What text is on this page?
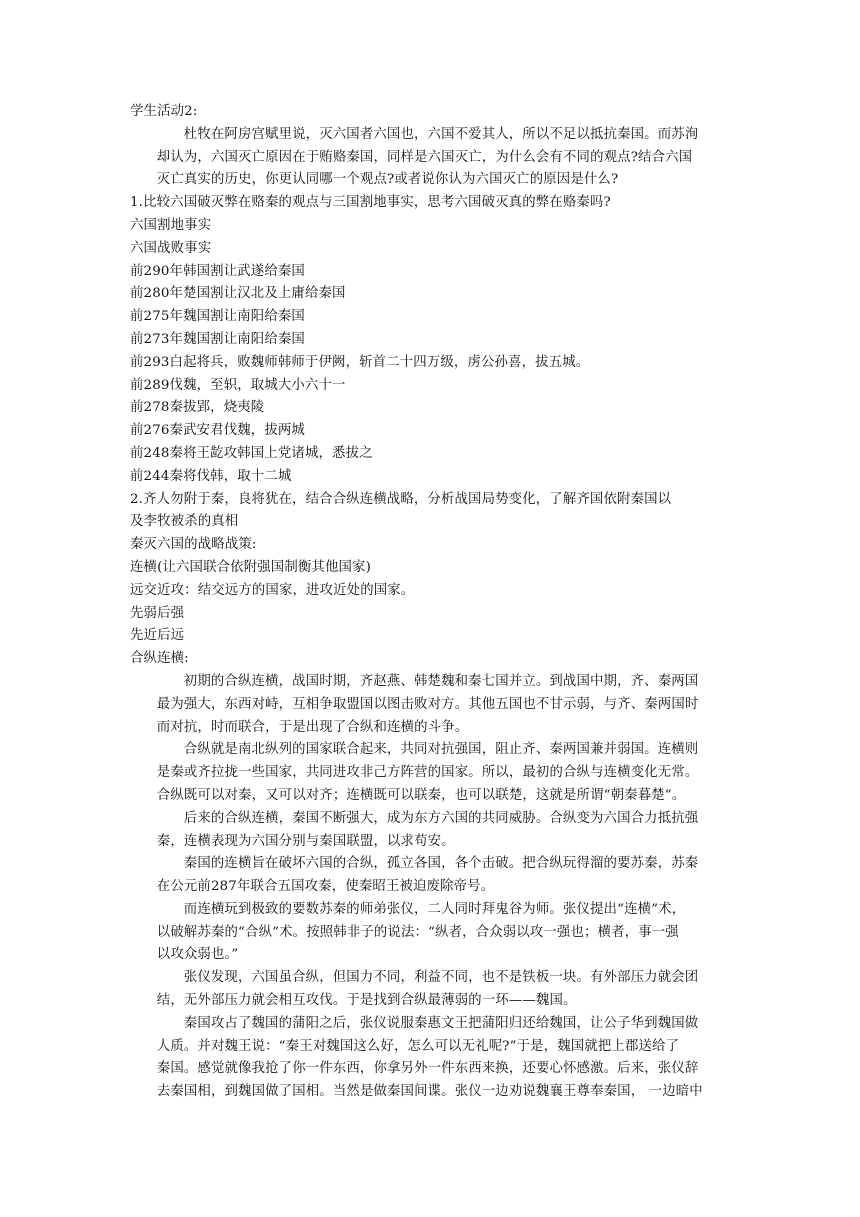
学生活动2:

杜牧在阿房宫赋里说，灭六国者六国也，六国不爱其人，所以不足以抵抗秦国。而苏洵
却认为，六国灭亡原因在于贿赂秦国，同样是六国灭亡，为什么会有不同的观点?结合六国
灭亡真实的历史，你更认同哪一个观点?或者说你认为六国灭亡的原因是什么?

1.比较六国破灭弊在赂秦的观点与三国割地事实，思考六国破灭真的弊在赂秦吗?

六国割地事实

六国战败事实

前290年韩国割让武遂给秦国

前280年楚国割让汉北及上庸给秦国

前275年魏国割让南阳给秦国

前273年魏国割让南阳给秦国

前293白起将兵，败魏师韩师于伊阙，斩首二十四万级，虏公孙喜，拔五城。

前289伐魏，至轵，取城大小六十一

前278秦拔郢，烧夷陵

前276秦武安君伐魏，拔两城

前248秦将王龁攻韩国上党诸城，悉拔之

前244秦将伐韩，取十二城

2.齐人勿附于秦，良将犹在，结合合纵连横战略，分析战国局势变化，了解齐国依附秦国以

及李牧被杀的真相

秦灭六国的战略战策:

连横(让六国联合依附强国制衡其他国家)

远交近攻：结交远方的国家，进攻近处的国家。

先弱后强

先近后远

合纵连横:

初期的合纵连横，战国时期，齐赵燕、韩楚魏和秦七国并立。到战国中期，齐、秦两国
最为强大，东西对峙，互相争取盟国以图击败对方。其他五国也不甘示弱，与齐、秦两国时
而对抗，时而联合，于是出现了合纵和连横的斗争。
合纵就是南北纵列的国家联合起来，共同对抗强国，阻止齐、秦两国兼并弱国。连横则
是秦或齐拉拢一些国家，共同进攻非己方阵营的国家。所以，最初的合纵与连横变化无常。
合纵既可以对秦，又可以对齐；连横既可以联秦，也可以联楚，这就是所谓“朝秦暮楚”。
后来的合纵连横，秦国不断强大，成为东方六国的共同威胁。合纵变为六国合力抵抗强
秦，连横表现为六国分别与秦国联盟，以求苟安。
秦国的连横旨在破坏六国的合纵，孤立各国，各个击破。把合纵玩得溜的要苏秦，苏秦
在公元前287年联合五国攻秦，使秦昭王被迫废除帝号。
而连横玩到极致的要数苏秦的师弟张仪，二人同时拜鬼谷为师。张仪提出“连横”术，
以破解苏秦的“合纵”术。按照韩非子的说法：“纵者，合众弱以攻一强也；横者，事一强
以攻众弱也。”
张仪发现，六国虽合纵，但国力不同，利益不同，也不是铁板一块。有外部压力就会团
结，无外部压力就会相互攻伐。于是找到合纵最薄弱的一环——魏国。
秦国攻占了魏国的蒲阳之后，张仪说服秦惠文王把蒲阳归还给魏国，让公子华到魏国做
人质。并对魏王说：“秦王对魏国这么好，怎么可以无礼呢?”于是，魏国就把上郡送给了
秦国。感觉就像我抢了你一件东西，你拿另外一件东西来换，还要心怀感激。后来，张仪辞
去秦国相，到魏国做了国相。当然是做秦国间谍。张仪一边劝说魏襄王尊奉秦国， 一边暗中
